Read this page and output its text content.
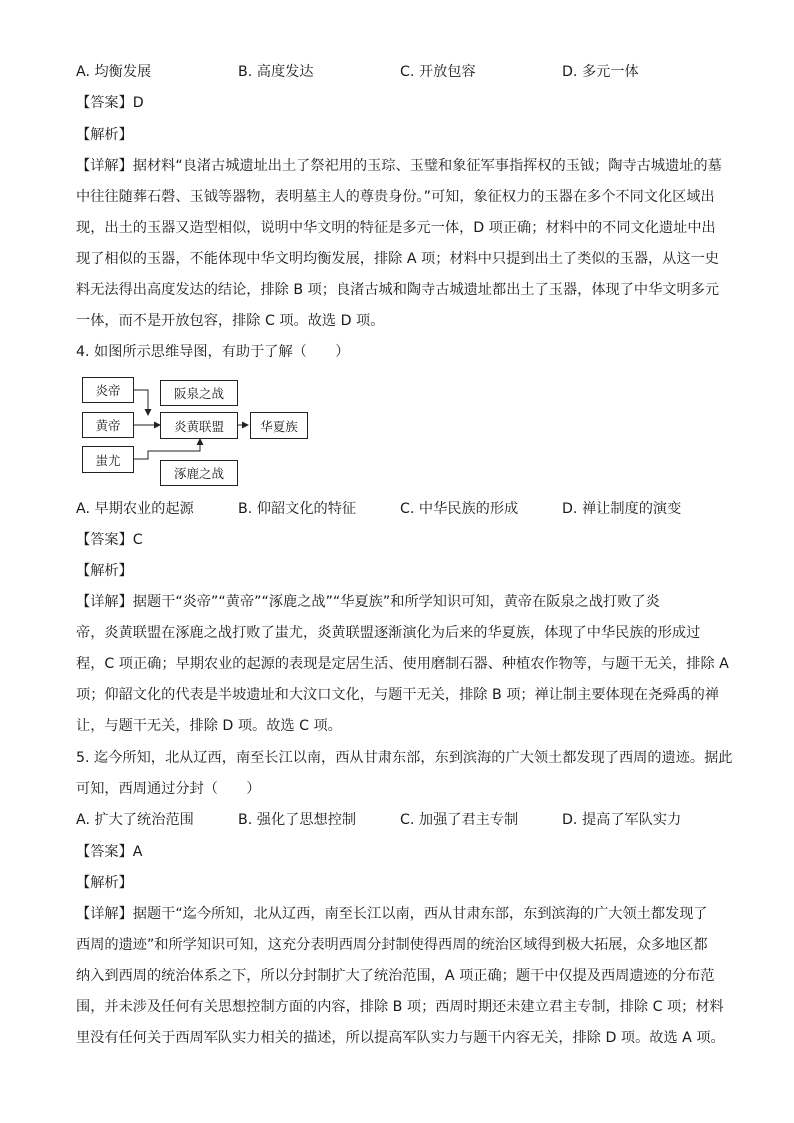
A. 均衡发展	B. 高度发达	C. 开放包容	D. 多元一体
【答案】D
【解析】
【详解】据材料“良渚古城遗址出土了祭祀用的玉琮、玉璧和象征军事指挥权的玉钺；陶寺古城遗址的墓
中往往随葬石磬、玉钺等器物，表明墓主人的尊贵身份。”可知，象征权力的玉器在多个不同文化区域出
现，出土的玉器又造型相似，说明中华文明的特征是多元一体，D 项正确；材料中的不同文化遗址中出
现了相似的玉器，不能体现中华文明均衡发展，排除 A 项；材料中只提到出土了类似的玉器，从这一史
料无法得出高度发达的结论，排除 B 项；良渚古城和陶寺古城遗址都出土了玉器，体现了中华文明多元
一体，而不是开放包容，排除 C 项。故选 D 项。
4. 如图所示思维导图，有助于了解（　　）
炎帝
黄帝
蚩尤
阪泉之战
炎黄联盟	华夏族
涿鹿之战
A. 早期农业的起源	B. 仰韶文化的特征	C. 中华民族的形成	D. 禅让制度的演变
【答案】C
【解析】
【详解】据题干“炎帝”“黄帝”“涿鹿之战”“华夏族”和所学知识可知，黄帝在阪泉之战打败了炎
帝，炎黄联盟在涿鹿之战打败了蚩尤，炎黄联盟逐渐演化为后来的华夏族，体现了中华民族的形成过
程，C 项正确；早期农业的起源的表现是定居生活、使用磨制石器、种植农作物等，与题干无关，排除 A
项；仰韶文化的代表是半坡遗址和大汶口文化，与题干无关，排除 B 项；禅让制主要体现在尧舜禹的禅
让，与题干无关，排除 D 项。故选 C 项。
5. 迄今所知，北从辽西，南至长江以南，西从甘肃东部，东到滨海的广大领土都发现了西周的遗迹。据此
可知，西周通过分封（　　）
A. 扩大了统治范围	B. 强化了思想控制	C. 加强了君主专制	D. 提高了军队实力
【答案】A
【解析】
【详解】据题干“迄今所知，北从辽西，南至长江以南，西从甘肃东部，东到滨海的广大领土都发现了
西周的遗迹”和所学知识可知，这充分表明西周分封制使得西周的统治区域得到极大拓展，众多地区都
纳入到西周的统治体系之下，所以分封制扩大了统治范围，A 项正确；题干中仅提及西周遗迹的分布范
围，并未涉及任何有关思想控制方面的内容，排除 B 项；西周时期还未建立君主专制，排除 C 项；材料
里没有任何关于西周军队实力相关的描述，所以提高军队实力与题干内容无关，排除 D 项。故选 A 项。
